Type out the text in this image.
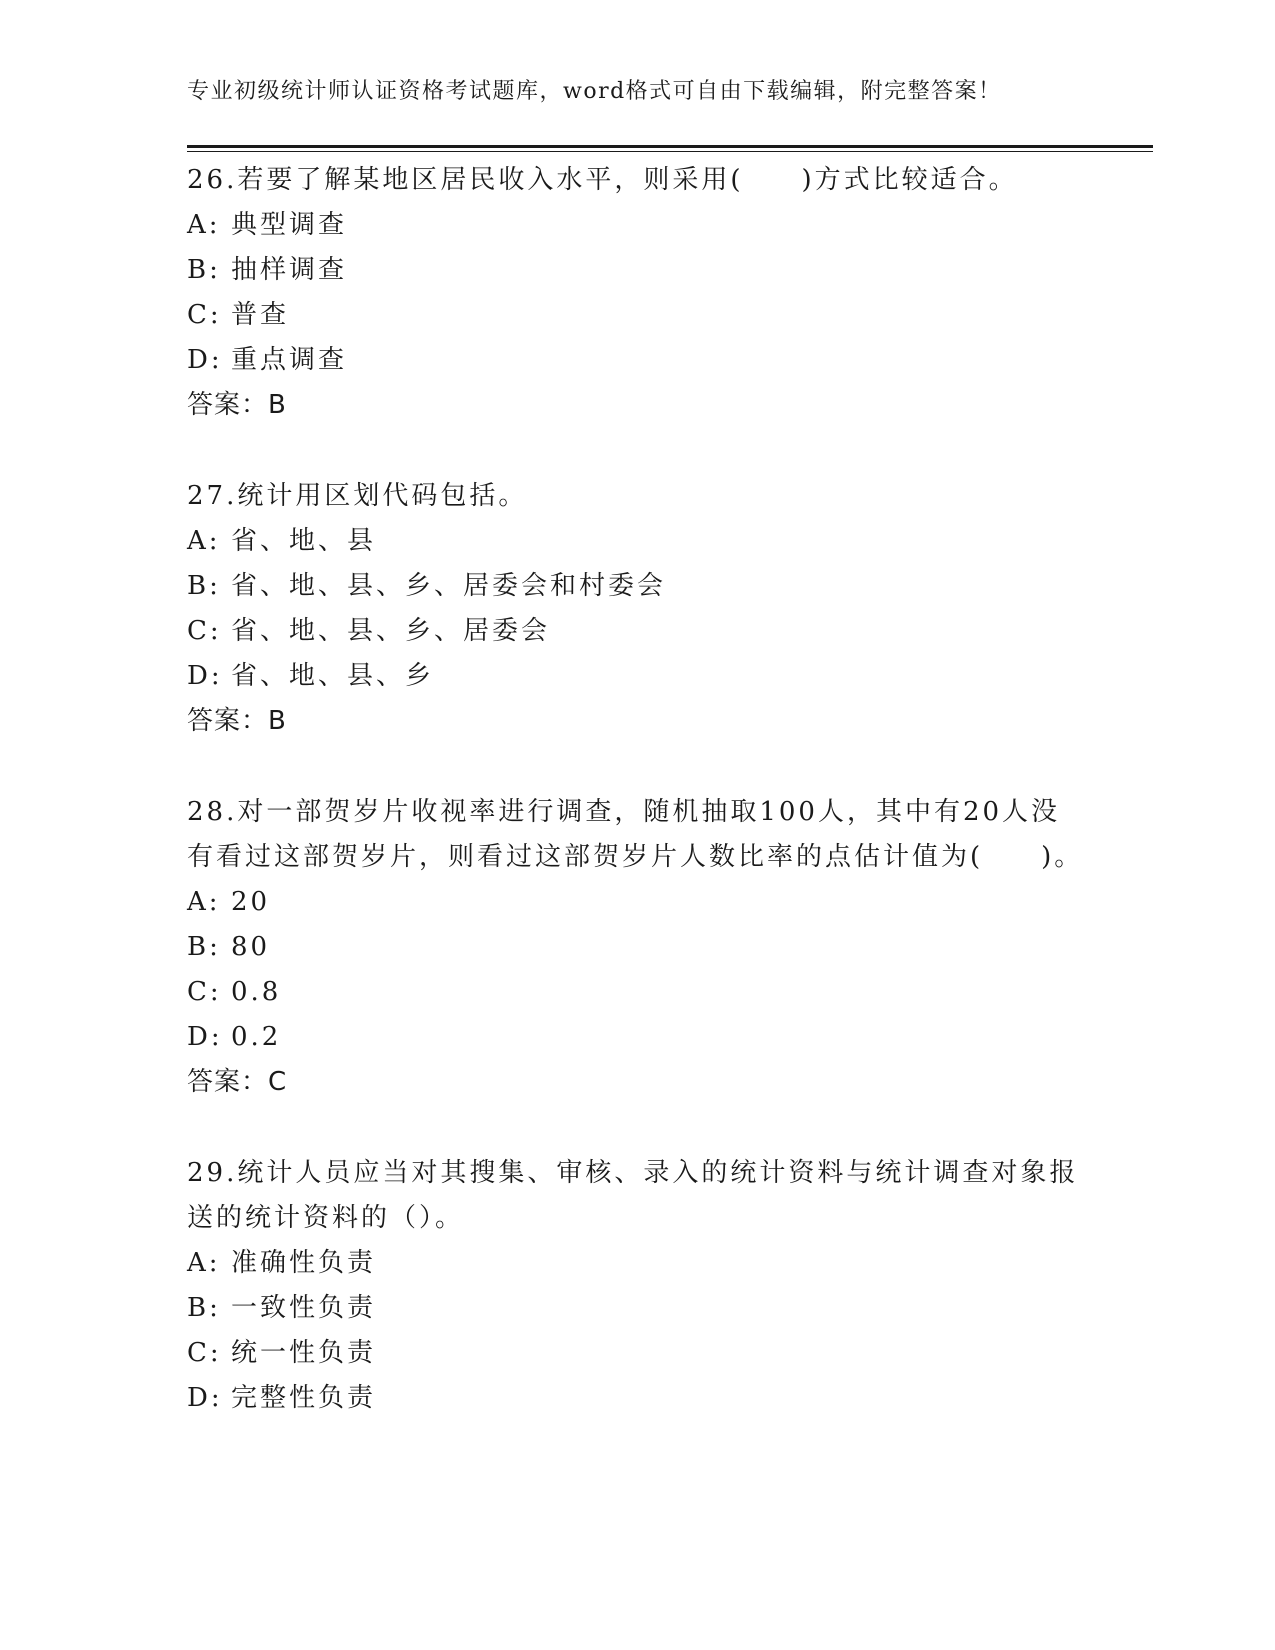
专业初级统计师认证资格考试题库，word格式可自由下载编辑，附完整答案！
26.若要了解某地区居民收入水平，则采用(　　)方式比较适合。
A: 典型调查
B: 抽样调查
C: 普查
D: 重点调查
答案：B
27.统计用区划代码包括。
A: 省、地、县
B: 省、地、县、乡、居委会和村委会
C: 省、地、县、乡、居委会
D: 省、地、县、乡
答案：B
28.对一部贺岁片收视率进行调查，随机抽取100人，其中有20人没有看过这部贺岁片，则看过这部贺岁片人数比率的点估计值为(　　)。
A: 20
B: 80
C: 0.8
D: 0.2
答案：C
29.统计人员应当对其搜集、审核、录入的统计资料与统计调查对象报送的统计资料的（）。
A: 准确性负责
B: 一致性负责
C: 统一性负责
D: 完整性负责
